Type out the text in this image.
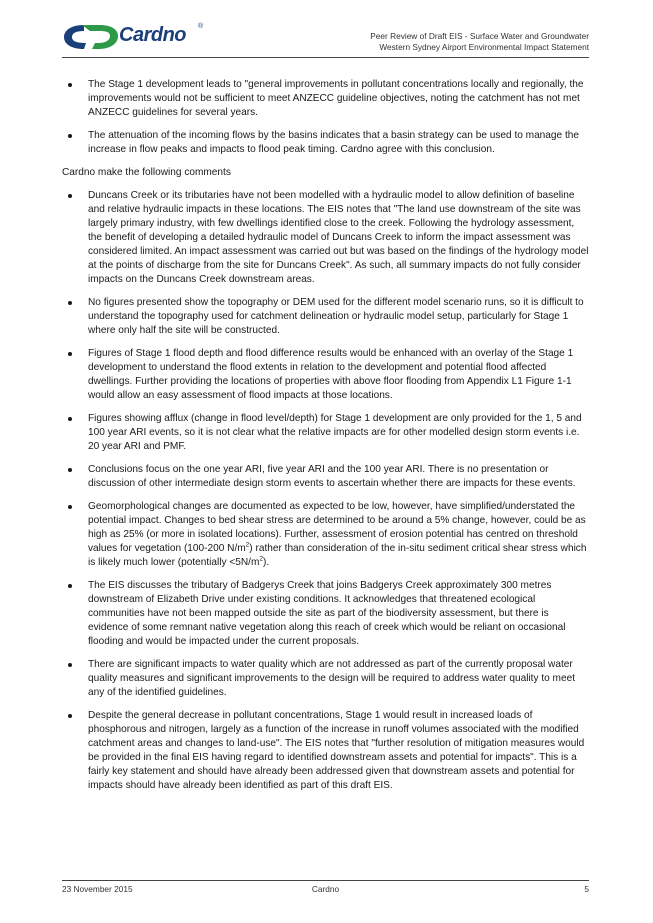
Cardno ®
Peer Review of Draft EIS - Surface Water and Groundwater
Western Sydney Airport Environmental Impact Statement
The Stage 1 development leads to "general improvements in pollutant concentrations locally and regionally, the improvements would not be sufficient to meet ANZECC guideline objectives, noting the catchment has not met ANZECC guidelines for several years.
The attenuation of the incoming flows by the basins indicates that a basin strategy can be used to manage the increase in flow peaks and impacts to flood peak timing. Cardno agree with this conclusion.

Cardno make the following comments

Duncans Creek or its tributaries have not been modelled with a hydraulic model to allow definition of baseline and relative hydraulic impacts in these locations. The EIS notes that "The land use downstream of the site was largely primary industry, with few dwellings identified close to the creek. Following the hydrology assessment, the benefit of developing a detailed hydraulic model of Duncans Creek to inform the impact assessment was considered limited. An impact assessment was carried out but was based on the findings of the hydrology model at the points of discharge from the site for Duncans Creek". As such, all summary impacts do not fully consider impacts on the Duncans Creek downstream areas.
No figures presented show the topography or DEM used for the different model scenario runs, so it is difficult to understand the topography used for catchment delineation or hydraulic model setup, particularly for Stage 1 where only half the site will be constructed.
Figures of Stage 1 flood depth and flood difference results would be enhanced with an overlay of the Stage 1 development to understand the flood extents in relation to the development and potential flood affected dwellings. Further providing the locations of properties with above floor flooding from Appendix L1 Figure 1-1 would allow an easy assessment of flood impacts at those locations.
Figures showing afflux (change in flood level/depth) for Stage 1 development are only provided for the 1, 5 and 100 year ARI events, so it is not clear what the relative impacts are for other modelled design storm events i.e. 20 year ARI and PMF.
Conclusions focus on the one year ARI, five year ARI and the 100 year ARI. There is no presentation or discussion of other intermediate design storm events to ascertain whether there are impacts for these events.
Geomorphological changes are documented as expected to be low, however, have simplified/understated the potential impact. Changes to bed shear stress are determined to be around a 5% change, however, could be as high as 25% (or more in isolated locations). Further, assessment of erosion potential has centred on threshold values for vegetation (100-200 $N/m^2$) rather than consideration of the in-situ sediment critical shear stress which is likely much lower (potentially $<5N/m^2$).
The EIS discusses the tributary of Badgerys Creek that joins Badgerys Creek approximately 300 metres downstream of Elizabeth Drive under existing conditions. It acknowledges that threatened ecological communities have not been mapped outside the site as part of the biodiversity assessment, but there is evidence of some remnant native vegetation along this reach of creek which would be reliant on occasional flooding and would be impacted under the current proposals.
There are significant impacts to water quality which are not addressed as part of the currently proposal water quality measures and significant improvements to the design will be required to address water quality to meet any of the identified guidelines.
Despite the general decrease in pollutant concentrations, Stage 1 would result in increased loads of phosphorous and nitrogen, largely as a function of the increase in runoff volumes associated with the modified catchment areas and changes to land-use". The EIS notes that "further resolution of mitigation measures would be provided in the final EIS having regard to identified downstream assets and potential for impacts". This is a fairly key statement and should have already been addressed given that downstream assets and potential for impacts should have already been identified as part of this draft EIS.
23 November 2015	Cardno	5
